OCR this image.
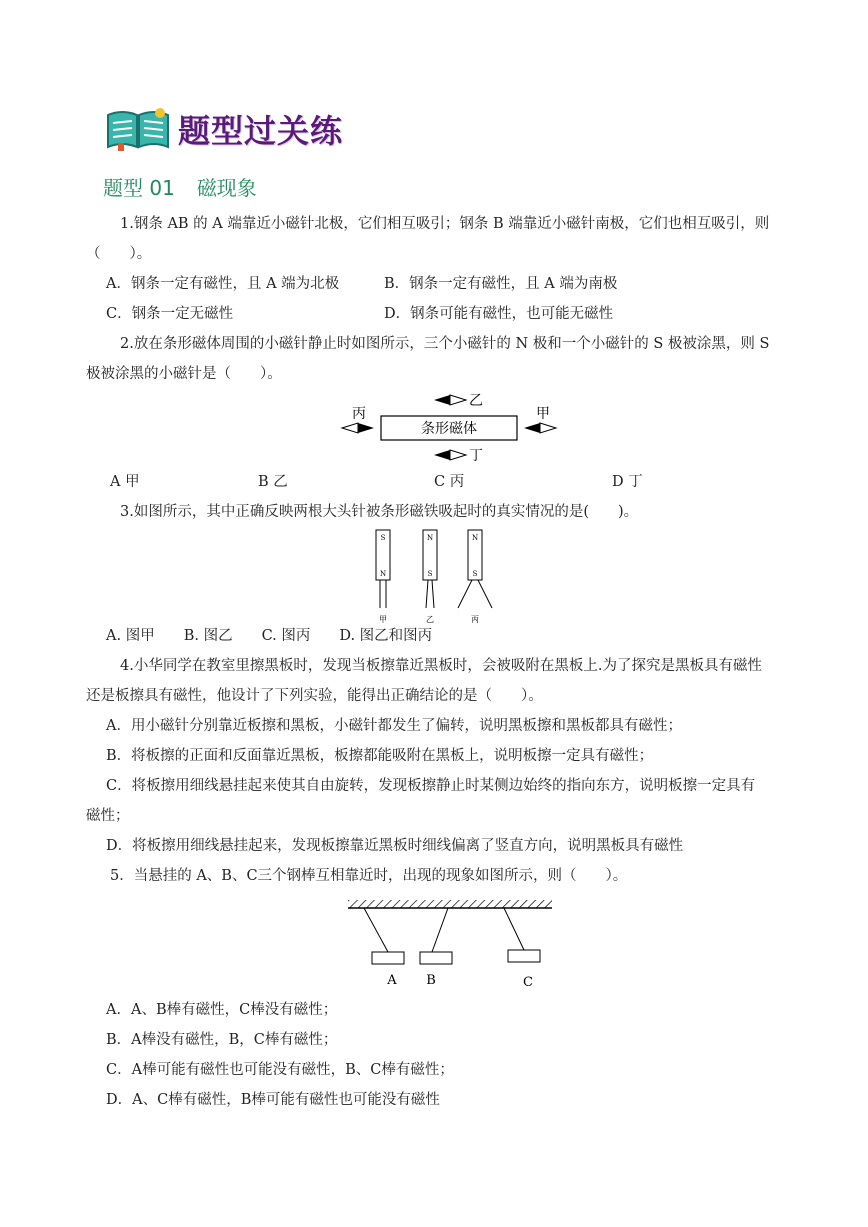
题型过关练
题型 01 磁现象
1.钢条 AB 的 A 端靠近小磁针北极，它们相互吸引；钢条 B 端靠近小磁针南极，它们也相互吸引，则
（　　）。
A．钢条一定有磁性，且 A 端为北极	B．钢条一定有磁性，且 A 端为南极
C．钢条一定无磁性	D．钢条可能有磁性，也可能无磁性
2.放在条形磁体周围的小磁针静止时如图所示，三个小磁针的 N 极和一个小磁针的 S 极被涂黑，则 S
极被涂黑的小磁针是（　　）。
条形磁体
乙
丁
丙	甲
A 甲	B 乙	C 丙	D 丁
3.如图所示，其中正确反映两根大头针被条形磁铁吸起时的真实情况的是(　　)。
S
N
甲
N
S
乙
N
S
丙
A. 图甲　　B. 图乙　　C. 图丙　　D. 图乙和图丙
4.小华同学在教室里擦黑板时，发现当板擦靠近黑板时，会被吸附在黑板上.为了探究是黑板具有磁性
还是板擦具有磁性，他设计了下列实验，能得出正确结论的是（　　）。
A．用小磁针分别靠近板擦和黑板，小磁针都发生了偏转，说明黑板擦和黑板都具有磁性；
B．将板擦的正面和反面靠近黑板，板擦都能吸附在黑板上，说明板擦一定具有磁性；
C．将板擦用细线悬挂起来使其自由旋转，发现板擦静止时某侧边始终的指向东方，说明板擦一定具有
磁性；
D．将板擦用细线悬挂起来，发现板擦靠近黑板时细线偏离了竖直方向，说明黑板具有磁性
5．当悬挂的 A、B、C三个钢棒互相靠近时，出现的现象如图所示，则（　　）。
A B	C
A．A、B棒有磁性，C棒没有磁性；
B．A棒没有磁性，B，C棒有磁性；
C．A棒可能有磁性也可能没有磁性，B、C棒有磁性；
D．A、C棒有磁性，B棒可能有磁性也可能没有磁性
